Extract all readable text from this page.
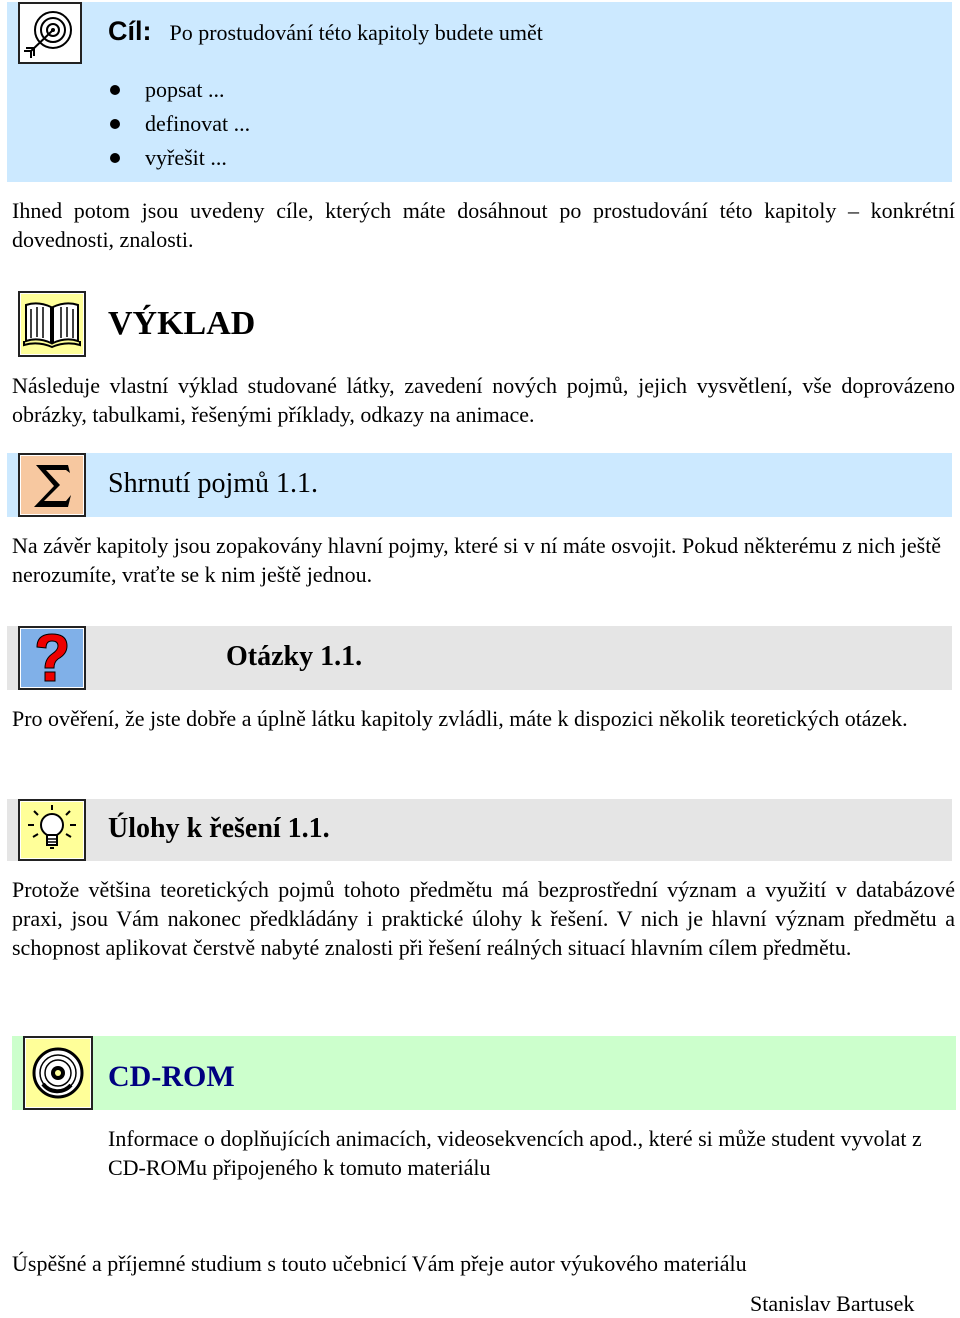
Cíl: Po prostudování této kapitoly budete umět
popsat ...
definovat ...
vyřešit ...

Ihned potom jsou uvedeny cíle, kterých máte dosáhnout po prostudování této kapitoly – konkrétní dovednosti, znalosti.

VÝKLAD

Následuje vlastní výklad studované látky, zavedení nových pojmů, jejich vysvětlení, vše doprovázeno obrázky, tabulkami, řešenými příklady, odkazy na animace.

Shrnutí pojmů 1.1.

Na závěr kapitoly jsou zopakovány hlavní pojmy, které si v ní máte osvojit. Pokud některému z nich ještě nerozumíte, vraťte se k nim ještě jednou.

Otázky 1.1.

Pro ověření, že jste dobře a úplně látku kapitoly zvládli, máte k dispozici několik teoretických otázek.

Úlohy k řešení 1.1.

Protože většina teoretických pojmů tohoto předmětu má bezprostřední význam a využití v databázové praxi, jsou Vám nakonec předkládány i praktické úlohy k řešení. V nich je hlavní význam předmětu a schopnost aplikovat čerstvě nabyté znalosti při řešení reálných situací hlavním cílem předmětu.

CD-ROM

Informace o doplňujících animacích, videosekvencích apod., které si může student vyvolat z CD-ROMu připojeného k tomuto materiálu

Úspěšné a příjemné studium s touto učebnicí Vám přeje autor výukového materiálu

Stanislav Bartusek
